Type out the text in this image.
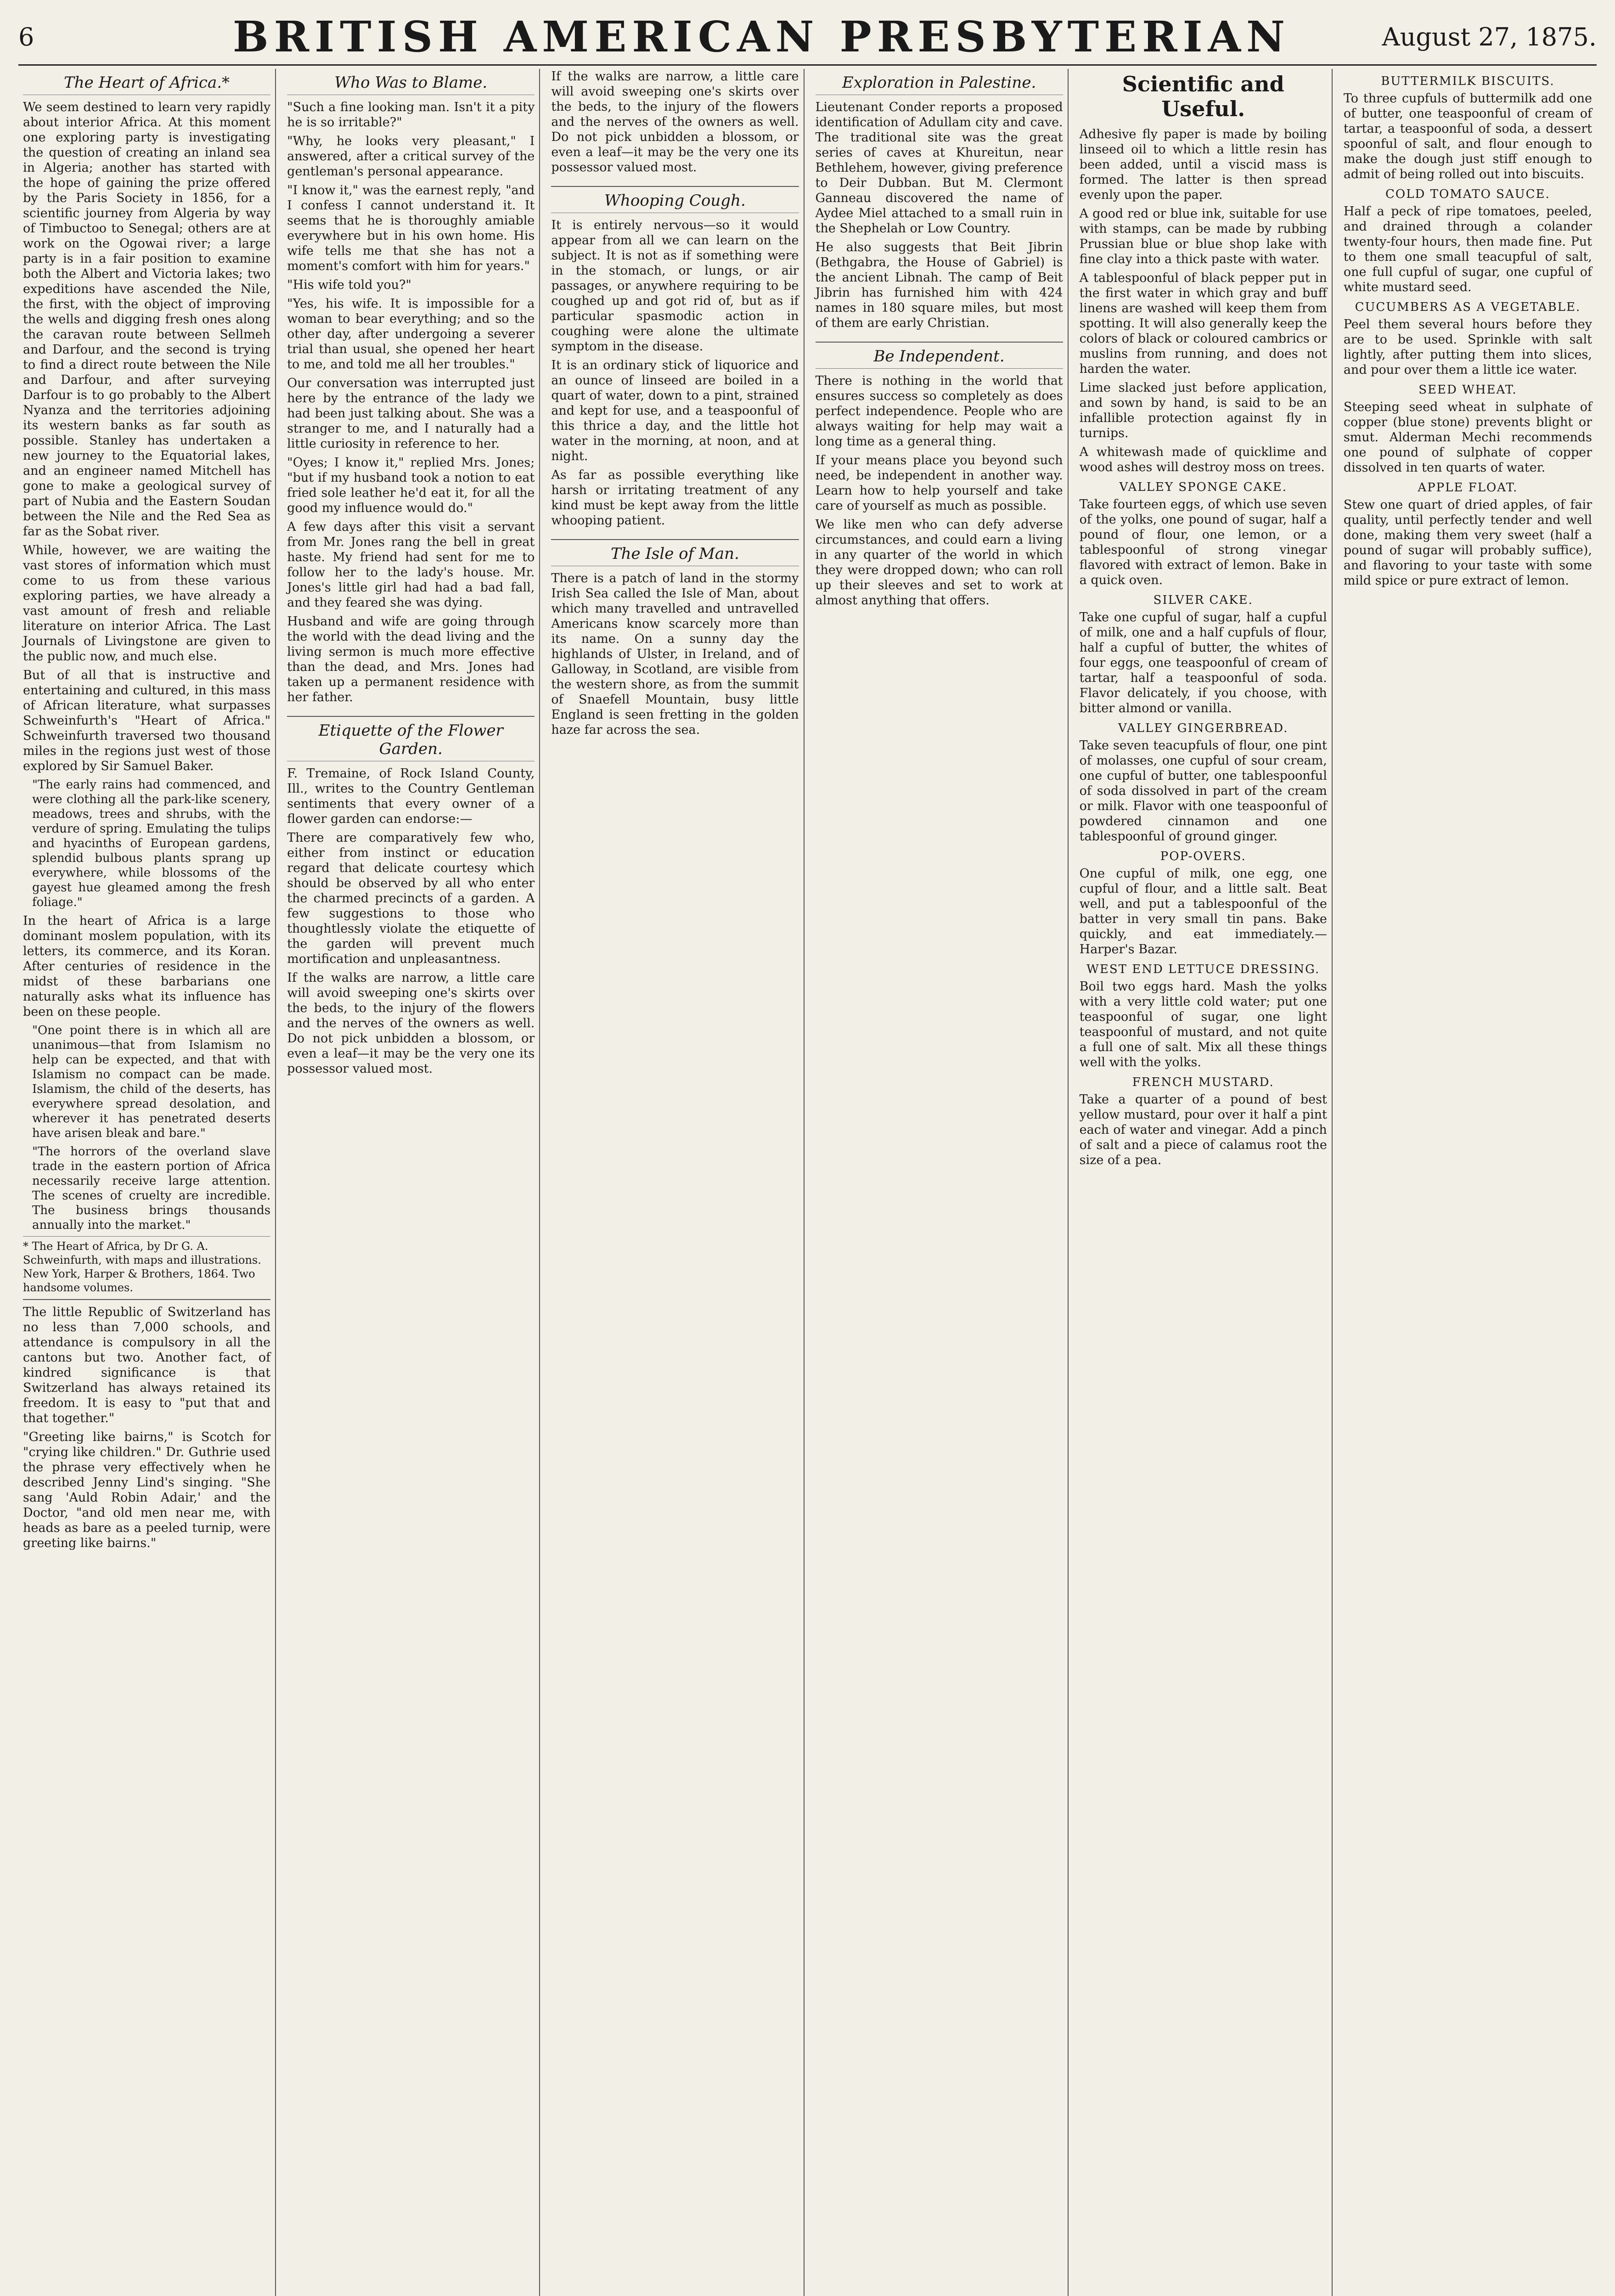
6	BRITISH AMERICAN PRESBYTERIAN	August 27, 1875.
The Heart of Africa.*

We seem destined to learn very rapidly about interior Africa. At this moment one exploring party is investigating the question of creating an inland sea in Algeria; another has started with the hope of gaining the prize offered by the Paris Society in 1856, for a scientific journey from Algeria by way of Timbuctoo to Senegal; others are at work on the Ogowai river; a large party is in a fair position to examine both the Albert and Victoria lakes; two expeditions have ascended the Nile, the first, with the object of improving the wells and digging fresh ones along the caravan route between Sellmeh and Darfour, and the second is trying to find a direct route between the Nile and Darfour, and after surveying Darfour is to go probably to the Albert Nyanza and the territories adjoining its western banks as far south as possible. Stanley has undertaken a new journey to the Equatorial lakes, and an engineer named Mitchell has gone to make a geological survey of part of Nubia and the Eastern Soudan between the Nile and the Red Sea as far as the Sobat river.

While, however, we are waiting the vast stores of information which must come to us from these various exploring parties, we have already a vast amount of fresh and reliable literature on interior Africa. The Last Journals of Livingstone are given to the public now, and much else.

But of all that is instructive and entertaining and cultured, in this mass of African literature, what surpasses Schweinfurth's "Heart of Africa." Schweinfurth traversed two thousand miles in the regions just west of those explored by Sir Samuel Baker.

"The early rains had commenced, and were clothing all the park-like scenery, meadows, trees and shrubs, with the verdure of spring. Emulating the tulips and hyacinths of European gardens, splendid bulbous plants sprang up everywhere, while blossoms of the gayest hue gleamed among the fresh foliage."

In the heart of Africa is a large dominant moslem population, with its letters, its commerce, and its Koran. After centuries of residence in the midst of these barbarians one naturally asks what its influence has been on these people.

"One point there is in which all are unanimous—that from Islamism no help can be expected, and that with Islamism no compact can be made. Islamism, the child of the deserts, has everywhere spread desolation, and wherever it has penetrated deserts have arisen bleak and bare."

"The horrors of the overland slave trade in the eastern portion of Africa necessarily receive large attention. The scenes of cruelty are incredible. The business brings thousands annually into the market."

* The Heart of Africa, by Dr G. A. Schweinfurth, with maps and illustrations. New York, Harper & Brothers, 1864. Two handsome volumes.

The little Republic of Switzerland has no less than 7,000 schools, and attendance is compulsory in all the cantons but two. Another fact, of kindred significance is that Switzerland has always retained its freedom. It is easy to "put that and that together."

"Greeting like bairns," is Scotch for "crying like children." Dr. Guthrie used the phrase very effectively when he described Jenny Lind's singing. "She sang 'Auld Robin Adair,' and the Doctor, "and old men near me, with heads as bare as a peeled turnip, were greeting like bairns."

Who Was to Blame.

"Such a fine looking man. Isn't it a pity he is so irritable?"

"Why, he looks very pleasant," I answered, after a critical survey of the gentleman's personal appearance.

"I know it," was the earnest reply, "and I confess I cannot understand it. It seems that he is thoroughly amiable everywhere but in his own home. His wife tells me that she has not a moment's comfort with him for years."

"His wife told you?"

"Yes, his wife. It is impossible for a woman to bear everything; and so the other day, after undergoing a severer trial than usual, she opened her heart to me, and told me all her troubles."

Our conversation was interrupted just here by the entrance of the lady we had been just talking about. She was a stranger to me, and I naturally had a little curiosity in reference to her.

"Oyes; I know it," replied Mrs. Jones; "but if my husband took a notion to eat fried sole leather he'd eat it, for all the good my influence would do."

A few days after this visit a servant from Mr. Jones rang the bell in great haste. My friend had sent for me to follow her to the lady's house. Mr. Jones's little girl had had a bad fall, and they feared she was dying.

Husband and wife are going through the world with the dead living and the living sermon is much more effective than the dead, and Mrs. Jones had taken up a permanent residence with her father.

Etiquette of the Flower Garden.

F. Tremaine, of Rock Island County, Ill., writes to the Country Gentleman sentiments that every owner of a flower garden can endorse:—

There are comparatively few who, either from instinct or education regard that delicate courtesy which should be observed by all who enter the charmed precincts of a garden. A few suggestions to those who thoughtlessly violate the etiquette of the garden will prevent much mortification and unpleasantness.

If the walks are narrow, a little care will avoid sweeping one's skirts over the beds, to the injury of the flowers and the nerves of the owners as well. Do not pick unbidden a blossom, or even a leaf—it may be the very one its possessor valued most.

If the walks are narrow, a little care will avoid sweeping one's skirts over the beds, to the injury of the flowers and the nerves of the owners as well. Do not pick unbidden a blossom, or even a leaf—it may be the very one its possessor valued most.

Whooping Cough.

It is entirely nervous—so it would appear from all we can learn on the subject. It is not as if something were in the stomach, or lungs, or air passages, or anywhere requiring to be coughed up and got rid of, but as if particular spasmodic action in coughing were alone the ultimate symptom in the disease.

It is an ordinary stick of liquorice and an ounce of linseed are boiled in a quart of water, down to a pint, strained and kept for use, and a teaspoonful of this thrice a day, and the little hot water in the morning, at noon, and at night.

As far as possible everything like harsh or irritating treatment of any kind must be kept away from the little whooping patient.

The Isle of Man.

There is a patch of land in the stormy Irish Sea called the Isle of Man, about which many travelled and untravelled Americans know scarcely more than its name. On a sunny day the highlands of Ulster, in Ireland, and of Galloway, in Scotland, are visible from the western shore, as from the summit of Snaefell Mountain, busy little England is seen fretting in the golden haze far across the sea.

Exploration in Palestine.

Lieutenant Conder reports a proposed identification of Adullam city and cave. The traditional site was the great series of caves at Khureitun, near Bethlehem, however, giving preference to Deir Dubban. But M. Clermont Ganneau discovered the name of Aydee Miel attached to a small ruin in the Shephelah or Low Country.

He also suggests that Beit Jibrin (Bethgabra, the House of Gabriel) is the ancient Libnah. The camp of Beit Jibrin has furnished him with 424 names in 180 square miles, but most of them are early Christian.

Be Independent.

There is nothing in the world that ensures success so completely as does perfect independence. People who are always waiting for help may wait a long time as a general thing.

If your means place you beyond such need, be independent in another way. Learn how to help yourself and take care of yourself as much as possible.

We like men who can defy adverse circumstances, and could earn a living in any quarter of the world in which they were dropped down; who can roll up their sleeves and set to work at almost anything that offers.

Scientific and Useful.

Adhesive fly paper is made by boiling linseed oil to which a little resin has been added, until a viscid mass is formed. The latter is then spread evenly upon the paper.

A good red or blue ink, suitable for use with stamps, can be made by rubbing Prussian blue or blue shop lake with fine clay into a thick paste with water.

A tablespoonful of black pepper put in the first water in which gray and buff linens are washed will keep them from spotting. It will also generally keep the colors of black or coloured cambrics or muslins from running, and does not harden the water.

Lime slacked just before application, and sown by hand, is said to be an infallible protection against fly in turnips.

A whitewash made of quicklime and wood ashes will destroy moss on trees.

VALLEY SPONGE CAKE.

Take fourteen eggs, of which use seven of the yolks, one pound of sugar, half a pound of flour, one lemon, or a tablespoonful of strong vinegar flavored with extract of lemon. Bake in a quick oven.

SILVER CAKE.

Take one cupful of sugar, half a cupful of milk, one and a half cupfuls of flour, half a cupful of butter, the whites of four eggs, one teaspoonful of cream of tartar, half a teaspoonful of soda. Flavor delicately, if you choose, with bitter almond or vanilla.

VALLEY GINGERBREAD.

Take seven teacupfuls of flour, one pint of molasses, one cupful of sour cream, one cupful of butter, one tablespoonful of soda dissolved in part of the cream or milk. Flavor with one teaspoonful of powdered cinnamon and one tablespoonful of ground ginger.

POP-OVERS.

One cupful of milk, one egg, one cupful of flour, and a little salt. Beat well, and put a tablespoonful of the batter in very small tin pans. Bake quickly, and eat immediately.—Harper's Bazar.

WEST END LETTUCE DRESSING.

Boil two eggs hard. Mash the yolks with a very little cold water; put one teaspoonful of sugar, one light teaspoonful of mustard, and not quite a full one of salt. Mix all these things well with the yolks.

FRENCH MUSTARD.

Take a quarter of a pound of best yellow mustard, pour over it half a pint each of water and vinegar. Add a pinch of salt and a piece of calamus root the size of a pea.

BUTTERMILK BISCUITS.

To three cupfuls of buttermilk add one of butter, one teaspoonful of cream of tartar, a teaspoonful of soda, a dessert spoonful of salt, and flour enough to make the dough just stiff enough to admit of being rolled out into biscuits.

COLD TOMATO SAUCE.

Half a peck of ripe tomatoes, peeled, and drained through a colander twenty-four hours, then made fine. Put to them one small teacupful of salt, one full cupful of sugar, one cupful of white mustard seed.

CUCUMBERS AS A VEGETABLE.

Peel them several hours before they are to be used. Sprinkle with salt lightly, after putting them into slices, and pour over them a little ice water.

SEED WHEAT.

Steeping seed wheat in sulphate of copper (blue stone) prevents blight or smut. Alderman Mechi recommends one pound of sulphate of copper dissolved in ten quarts of water.

APPLE FLOAT.

Stew one quart of dried apples, of fair quality, until perfectly tender and well done, making them very sweet (half a pound of sugar will probably suffice), and flavoring to your taste with some mild spice or pure extract of lemon.
